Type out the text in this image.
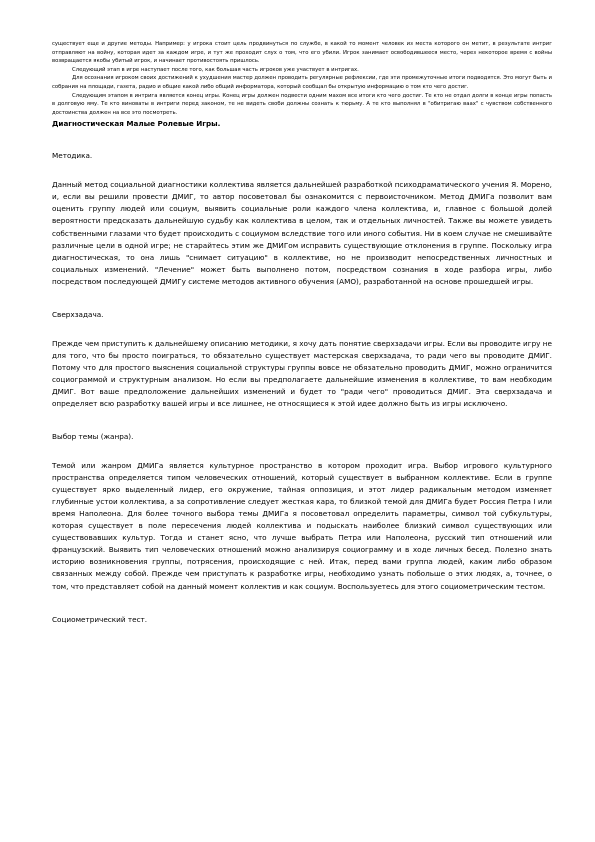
существует еще и другие методы. Например: у игрока стоит цель продвинуться по службе, в какой то момент человек из места которого он метит, в результате интриг отправляют на войну, которая идет за каждом игре, и тут же проходит слух о том, что его убили. Игрок занимает освободившееся место, через некоторое время с войны возвращается якобы убитый игрок, и начинает противостоять пришлось.

Следующий этап в игре наступает после того, как большая часть игроков уже участвует в интригах.

Для осознания игроком своих достижений к ухудшения мастер должен проводить регулярные рефлексии, где эти промежуточные итоги подводятся. Это могут быть и собрания на площади, газета, радио и общие какой либо общий информатора, который сообщал бы открытую информацию о том кто чего достиг.

Следующим этапом в интрига является конец игры. Конец игры должен подвести одним махом все итоги кто чего достиг. Те кто не отдал долги в конце игры попасть в долговую яму. Те кто виноваты в интриги перед законом, те не видеть своби должны сознать к тюрьму. А те кто выполнял в "обитригаю ваах" с чувством собственного достоинства должен на все это посмотреть.

Диагностическая Малые Ролевые Игры.

Методика.

Данный метод социальной диагностики коллектива является дальнейшей разработкой психодраматического учения Я. Морено, и, если вы решили провести ДМИГ, то автор посоветовал бы ознакомится с первоисточником. Метод ДМИГа позволит вам оценить группу людей или социум, выявить социальные роли каждого члена коллектива, и, главное с большой долей вероятности предсказать дальнейшую судьбу как коллектива в целом, так и отдельных личностей. Также вы можете увидеть собственными глазами что будет происходить с социумом вследствие того или иного события. Ни в коем случае не смешивайте различные цели в одной игре; не старайтесь этим же ДМИГом исправить существующие отклонения в группе. Поскольку игра диагностическая, то она лишь "снимает ситуацию" в коллективе, но не производит непосредственных личностных и социальных изменений. "Лечение" может быть выполнено потом, посредством сознания в ходе разбора игры, либо посредством последующей ДМИГу системе методов активного обучения (АМО), разработанной на основе прошедшей игры.

Сверхзадача.

Прежде чем приступить к дальнейшему описанию методики, я хочу дать понятие сверхзадачи игры. Если вы проводите игру не для того, что бы просто поиграться, то обязательно существует мастерская сверхзадача, то ради чего вы проводите ДМИГ. Потому что для простого выяснения социальной структуры группы вовсе не обязательно проводить ДМИГ, можно ограничится социограммой и структурным анализом. Но если вы предполагаете дальнейшие изменения в коллективе, то вам необходим ДМИГ. Вот ваше предположение дальнейших изменений и будет то "ради чего" проводиться ДМИГ. Эта сверхзадача и определяет всю разработку вашей игры и все лишнее, не относящиеся к этой идее должно быть из игры исключено.

Выбор темы (жанра).

Темой или жанром ДМИГа является культурное пространство в котором проходит игра. Выбор игрового культурного пространства определяется типом человеческих отношений, который существует в выбранном коллективе. Если в группе существует ярко выделенный лидер, его окружение, тайная оппозиция, и этот лидер радикальным методом изменяет глубинные устои коллектива, а за сопротивление следует жесткая кара, то близкой темой для ДМИГа будет Россия Петра I или время Наполеона. Для более точного выбора темы ДМИГа я посоветовал определить параметры, символ той субкультуры, которая существует в поле пересечения людей коллектива и подыскать наиболее близкий символ существующих или существовавших культур. Тогда и станет ясно, что лучше выбрать Петра или Наполеона, русский тип отношений или французский. Выявить тип человеческих отношений можно анализируя социограмму и в ходе личных бесед. Полезно знать историю возникновения группы, потрясения, происходящие с ней. Итак, перед вами группа людей, каким либо образом связанных между собой. Прежде чем приступать к разработке игры, необходимо узнать побольше о этих людях, а, точнее, о том, что представляет собой на данный момент коллектив и как социум. Воспользуетесь для этого социометрическим тестом.

Социометрический тест.
